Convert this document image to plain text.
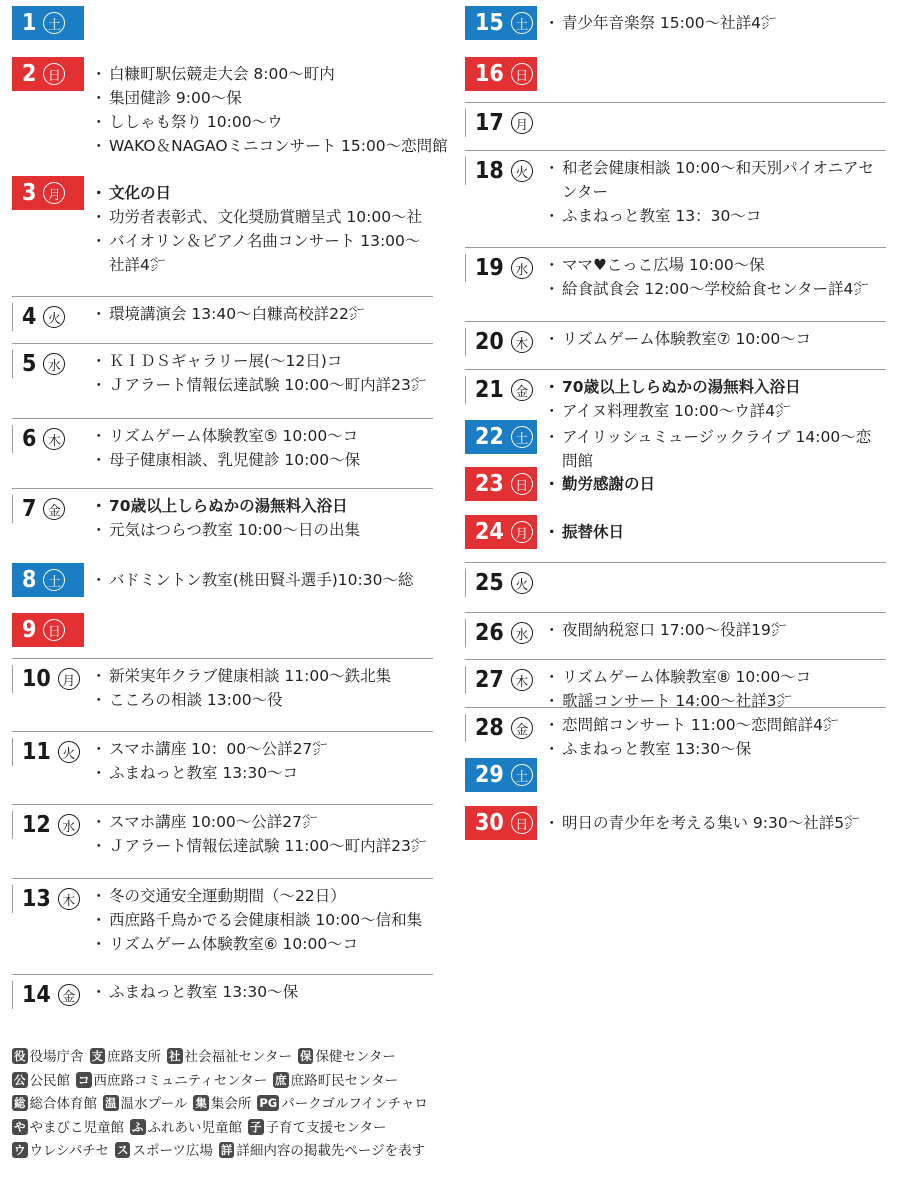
1 土
2 日	・ 白糠町駅伝競走大会 8:00～町内
・ 集団健診 9:00～保
・ ししゃも祭り 10:00～ウ
・ WAKO＆NAGAOミニコンサート 15:00～恋問館
3 月	・ 文化の日
・ 功労者表彰式、文化奨励賞贈呈式 10:00～社
・ バイオリン＆ピアノ名曲コンサート 13:00～社詳4㌻
4 火	・ 環境講演会 13:40～白糠高校詳22㌻
5 水	・ ＫＩＤＳギャラリー展(～12日)コ
・ Ｊアラート情報伝達試験 10:00～町内詳23㌻
6 木	・ リズムゲーム体験教室⑤ 10:00～コ
・ 母子健康相談、乳児健診 10:00～保
7 金	・ 70歳以上しらぬかの湯無料入浴日
・ 元気はつらつ教室 10:00～日の出集
8 土	・ バドミントン教室(桃田賢斗選手)10:30～総
9 日
10 月	・ 新栄実年クラブ健康相談 11:00～鉄北集
・ こころの相談 13:00～役
11 火	・ スマホ講座 10：00～公詳27㌻
・ ふまねっと教室 13:30～コ
12 水	・ スマホ講座 10:00～公詳27㌻
・ Ｊアラート情報伝達試験 11:00～町内詳23㌻
13 木	・ 冬の交通安全運動期間（～22日）
・ 西庶路千鳥かでる会健康相談 10:00～信和集
・ リズムゲーム体験教室⑥ 10:00～コ
14 金	・ ふまねっと教室 13:30～保
15 土	・ 青少年音楽祭 15:00～社詳4㌻
16 日
17 月
18 火	・ 和老会健康相談 10:00～和天別パイオニアセンター
・ ふまねっと教室 13：30～コ
19 水	・ ママ♥こっこ広場 10:00～保
・ 給食試食会 12:00～学校給食センター詳4㌻
20 木	・ リズムゲーム体験教室⑦ 10:00～コ
21 金	・ 70歳以上しらぬかの湯無料入浴日
・ アイヌ料理教室 10:00～ウ詳4㌻
22 土	・ アイリッシュミュージックライブ 14:00～恋問館
23 日	・ 勤労感謝の日
24 月	・ 振替休日
25 火
26 水	・ 夜間納税窓口 17:00～役詳19㌻
27 木	・ リズムゲーム体験教室⑧ 10:00～コ
・ 歌謡コンサート 14:00～社詳3㌻
28 金	・ 恋問館コンサート 11:00～恋問館詳4㌻
・ ふまねっと教室 13:30～保
29 土
30 日	・ 明日の青少年を考える集い 9:30～社詳5㌻
役 役場庁舎 支 庶路支所 社 社会福祉センター 保 保健センター
公 公民館 コ 西庶路コミュニティセンター 庶 庶路町民センター
総 総合体育館 温 温水プール 集 集会所 PG パークゴルフインチャロ
や やまびこ児童館 ふ ふれあい児童館 子 子育て支援センター
ウ ウレシパチセ ス スポーツ広場 詳 詳細内容の掲載先ページを表す
